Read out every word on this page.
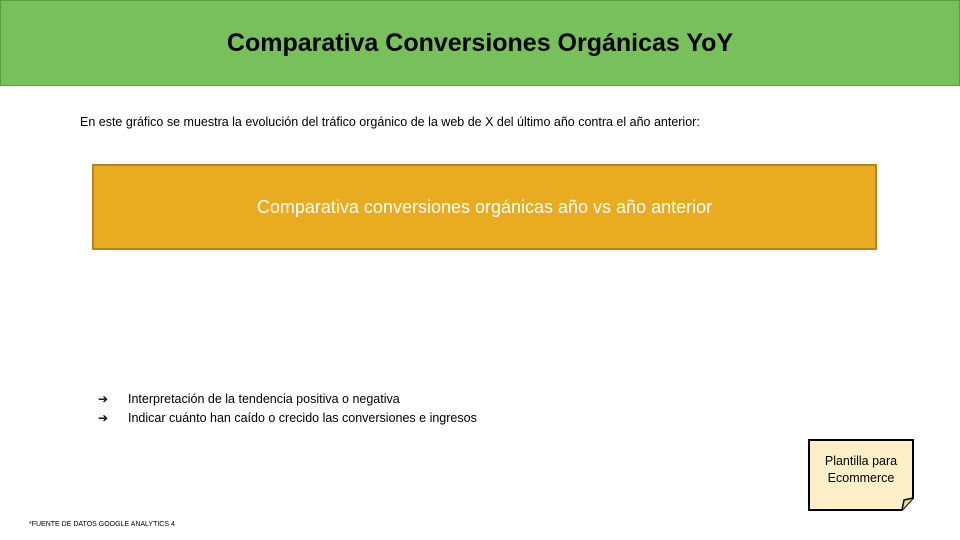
Comparativa Conversiones Orgánicas YoY
En este gráfico se muestra la evolución del tráfico orgánico de la web de X del último año contra el año anterior:
Comparativa conversiones orgánicas año vs año anterior
➔	Interpretación de la tendencia positiva o negativa
➔	Indicar cuánto han caído o crecido las conversiones e ingresos
Plantilla para
Ecommerce
*FUENTE DE DATOS GOOGLE ANALYTICS 4
